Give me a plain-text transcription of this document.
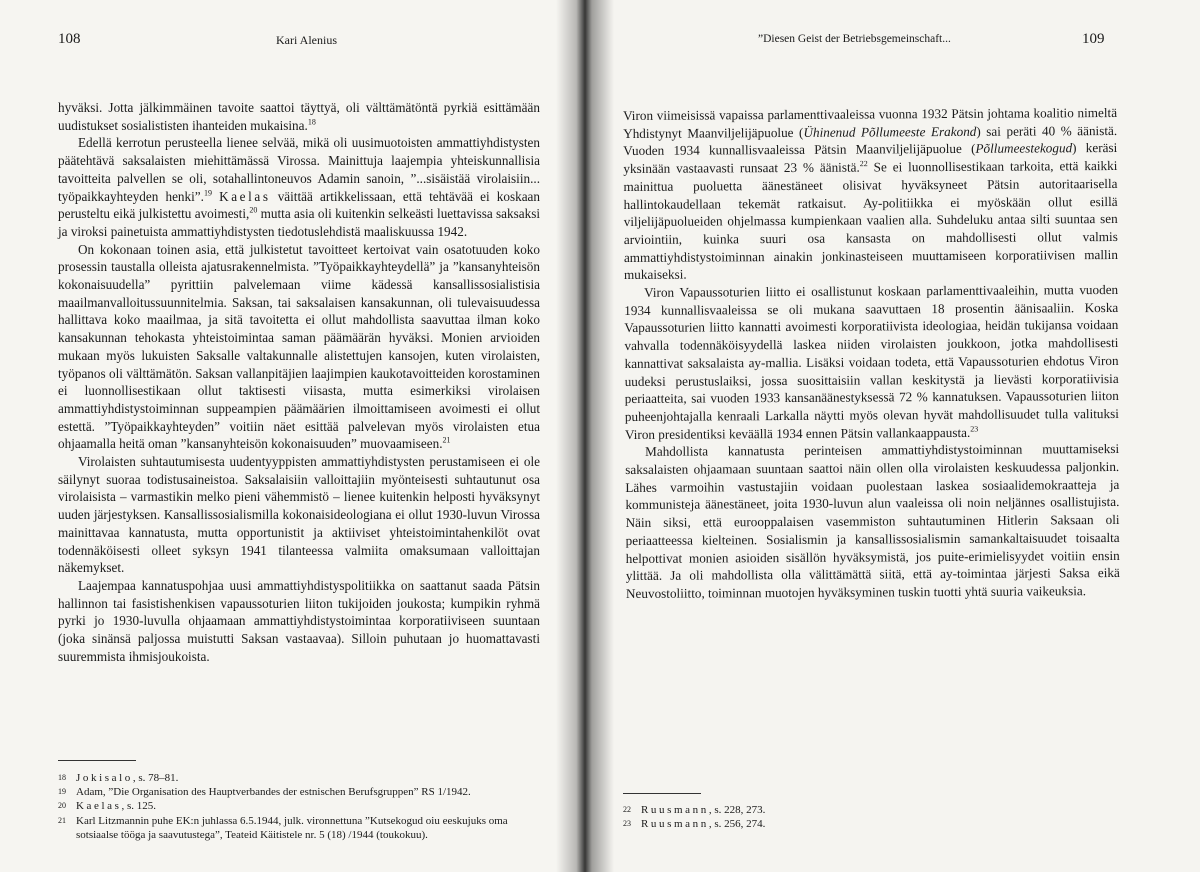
108	Kari Alenius

hyväksi. Jotta jälkimmäinen tavoite saattoi täyttyä, oli välttämätöntä pyrkiä esittämään uudistukset sosialististen ihanteiden mukaisina.$^{18}$

Edellä kerrotun perusteella lienee selvää, mikä oli uusimuotoisten ammattiyhdistysten päätehtävä saksalaisten miehittämässä Virossa. Mainittuja laajempia yhteiskunnallisia tavoitteita palvellen se oli, sotahallintoneuvos Adamin sanoin, ”...sisäistää virolaisiin... työpaikkayhteyden henki”.$^{19}$ Kaelas väittää artikkelissaan, että tehtävää ei koskaan perusteltu eikä julkistettu avoimesti,$^{20}$ mutta asia oli kuitenkin selkeästi luettavissa saksaksi ja viroksi painetuista ammattiyhdistysten tiedotuslehdistä maaliskuussa 1942.

On kokonaan toinen asia, että julkistetut tavoitteet kertoivat vain osatotuuden koko prosessin taustalla olleista ajatusrakennelmista. ”Työpaikkayhteydellä” ja ”kansanyhteisön kokonaisuudella” pyrittiin palvelemaan viime kädessä kansallissosialistisia maailmanvalloitussuunnitelmia. Saksan, tai saksalaisen kansakunnan, oli tulevaisuudessa hallittava koko maailmaa, ja sitä tavoitetta ei ollut mahdollista saavuttaa ilman koko kansakunnan tehokasta yhteistoimintaa saman päämäärän hyväksi. Monien arvioiden mukaan myös lukuisten Saksalle valtakunnalle alistettujen kansojen, kuten virolaisten, työpanos oli välttämätön. Saksan vallanpitäjien laajimpien kaukotavoitteiden korostaminen ei luonnollisestikaan ollut taktisesti viisasta, mutta esimerkiksi virolaisen ammattiyhdistystoiminnan suppeampien päämäärien ilmoittamiseen avoimesti ei ollut estettä. ”Työpaikkayhteyden” voitiin näet esittää palvelevan myös virolaisten etua ohjaamalla heitä oman ”kansanyhteisön kokonaisuuden” muovaamiseen.$^{21}$

Virolaisten suhtautumisesta uudentyyppisten ammattiyhdistysten perustamiseen ei ole säilynyt suoraa todistusaineistoa. Saksalaisiin valloittajiin myönteisesti suhtautunut osa virolaisista – varmastikin melko pieni vähemmistö – lienee kuitenkin helposti hyväksynyt uuden järjestyksen. Kansallissosialismilla kokonaisideologiana ei ollut 1930-luvun Virossa mainittavaa kannatusta, mutta opportunistit ja aktiiviset yhteistoimintahenkilöt ovat todennäköisesti olleet syksyn 1941 tilanteessa valmiita omaksumaan valloittajan näkemykset.

Laajempaa kannatuspohjaa uusi ammattiyhdistyspolitiikka on saattanut saada Pätsin hallinnon tai fasistishenkisen vapaussoturien liiton tukijoiden joukosta; kumpikin ryhmä pyrki jo 1930-luvulla ohjaamaan ammattiyhdistystoimintaa korporatiiviseen suuntaan (joka sinänsä paljossa muistutti Saksan vastaavaa). Silloin puhutaan jo huomattavasti suuremmista ihmisjoukoista.

18 Jokisalo, s. 78–81.
19 Adam, ”Die Organisation des Hauptverbandes der estnischen Berufsgruppen” RS 1/1942.
20 Kaelas, s. 125.
21 Karl Litzmannin puhe EK:n juhlassa 6.5.1944, julk. vironnettuna ”Kutsekogud oiu eeskujuks oma sotsiaalse tööga ja saavutustega”, Teateid Käitistele nr. 5 (18) /1944 (toukokuu).
”Diesen Geist der Betriebsgemeinschaft...	109

Viron viimeisissä vapaissa parlamenttivaaleissa vuonna 1932 Pätsin johtama koalitio nimeltä Yhdistynyt Maanviljelijäpuolue (Ühinenud Põllumeeste Erakond) sai peräti 40 % äänistä. Vuoden 1934 kunnallisvaaleissa Pätsin Maanviljelijäpuolue (Põllumeestekogud) keräsi yksinään vastaavasti runsaat 23 % äänistä.$^{22}$ Se ei luonnollisestikaan tarkoita, että kaikki mainittua puoluetta äänestäneet olisivat hyväksyneet Pätsin autoritaarisella hallintokaudellaan tekemät ratkaisut. Ay-politiikka ei myöskään ollut esillä viljelijäpuolueiden ohjelmassa kumpienkaan vaalien alla. Suhdeluku antaa silti suuntaa sen arviointiin, kuinka suuri osa kansasta on mahdollisesti ollut valmis ammattiyhdistystoiminnan ainakin jonkinasteiseen muuttamiseen korporatiivisen mallin mukaiseksi.

Viron Vapaussoturien liitto ei osallistunut koskaan parlamenttivaaleihin, mutta vuoden 1934 kunnallisvaaleissa se oli mukana saavuttaen 18 prosentin äänisaaliin. Koska Vapaussoturien liitto kannatti avoimesti korporatiivista ideologiaa, heidän tukijansa voidaan vahvalla todennäköisyydellä laskea niiden virolaisten joukkoon, jotka mahdollisesti kannattivat saksalaista ay-mallia. Lisäksi voidaan todeta, että Vapaussoturien ehdotus Viron uudeksi perustuslaiksi, jossa suosittaisiin vallan keskitystä ja lievästi korporatiivisia periaatteita, sai vuoden 1933 kansanäänestyksessä 72 % kannatuksen. Vapaussoturien liiton puheenjohtajalla kenraali Larkalla näytti myös olevan hyvät mahdollisuudet tulla valituksi Viron presidentiksi keväällä 1934 ennen Pätsin vallankaappausta.$^{23}$

Mahdollista kannatusta perinteisen ammattiyhdistystoiminnan muuttamiseksi saksalaisten ohjaamaan suuntaan saattoi näin ollen olla virolaisten keskuudessa paljonkin. Lähes varmoihin vastustajiin voidaan puolestaan laskea sosiaalidemokraatteja ja kommunisteja äänestäneet, joita 1930-luvun alun vaaleissa oli noin neljännes osallistujista. Näin siksi, että eurooppalaisen vasemmiston suhtautuminen Hitlerin Saksaan oli periaatteessa kielteinen. Sosialismin ja kansallissosialismin samankaltaisuudet toisaalta helpottivat monien asioiden sisällön hyväksymistä, jos puite-erimielisyydet voitiin ensin ylittää. Ja oli mahdollista olla välittämättä siitä, että ay-toimintaa järjesti Saksa eikä Neuvostoliitto, toiminnan muotojen hyväksyminen tuskin tuotti yhtä suuria vaikeuksia.

22 Ruusmann, s. 228, 273.
23 Ruusmann, s. 256, 274.
